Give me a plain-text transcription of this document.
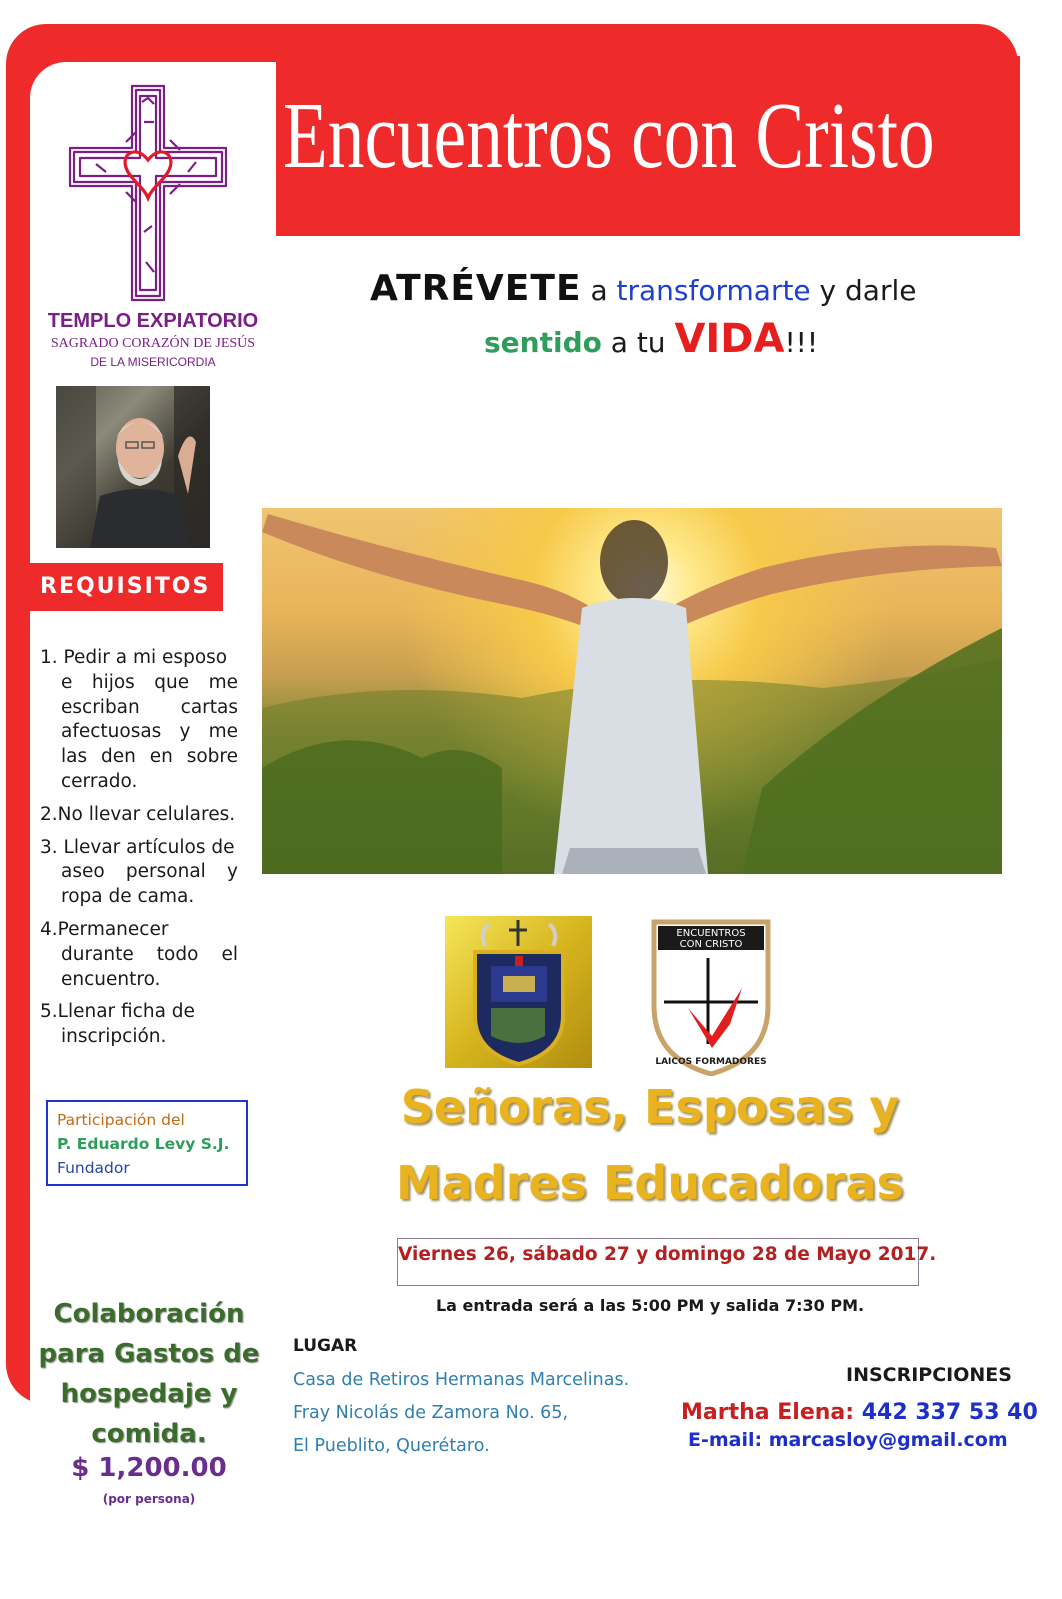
Encuentros con Cristo
TEMPLO EXPIATORIO
SAGRADO CORAZÓN DE JESÚS
DE LA MISERICORDIA
REQUISITOS
1. Pedir a mi esposo
e hijos que me escriban cartas afectuosas y me las den en sobre cerrado.
2.No llevar celulares.
3. Llevar artículos de
aseo personal y ropa de cama.
4.Permanecer
durante todo el encuentro.
5.Llenar ficha de
inscripción.
Participación del
P. Eduardo Levy S.J.
Fundador
Colaboración
para Gastos de
hospedaje y
comida.
$ 1,200.00
(por persona)
ATRÉVETE a transformarte y darle
sentido a tu VIDA!!!
ENCUENTROS
CON CRISTO
LAICOS FORMADORES
Señoras, Esposas y
Madres Educadoras
Viernes 26, sábado 27 y domingo 28 de Mayo 2017.
La entrada será a las 5:00 PM y salida 7:30 PM.
LUGAR
Casa de Retiros Hermanas Marcelinas.
Fray Nicolás de Zamora No. 65,
El Pueblito, Querétaro.
INSCRIPCIONES
Martha Elena: 442 337 53 40
E-mail: marcasloy@gmail.com
